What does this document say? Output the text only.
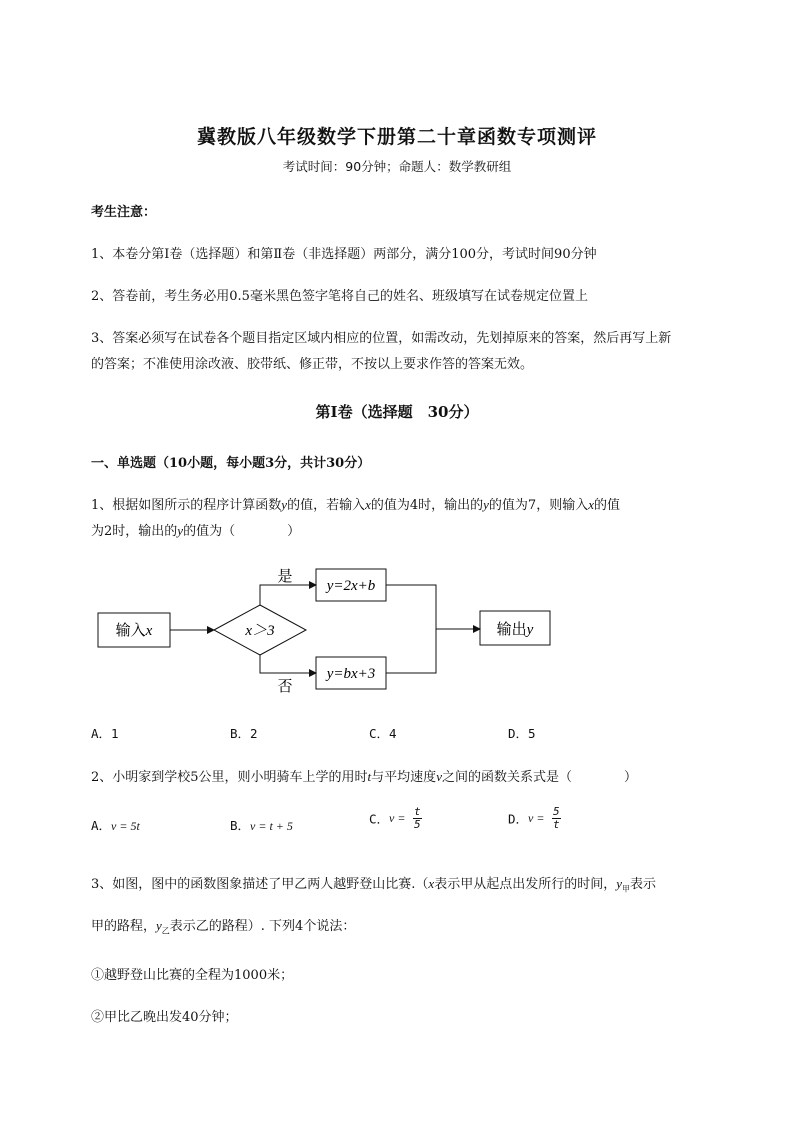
冀教版八年级数学下册第二十章函数专项测评
考试时间：90分钟；命题人：数学教研组
考生注意：
1、本卷分第I卷（选择题）和第Ⅱ卷（非选择题）两部分，满分100分，考试时间90分钟
2、答卷前，考生务必用0.5毫米黑色签字笔将自己的姓名、班级填写在试卷规定位置上
3、答案必须写在试卷各个题目指定区域内相应的位置，如需改动，先划掉原来的答案，然后再写上新
的答案；不准使用涂改液、胶带纸、修正带，不按以上要求作答的答案无效。
第I卷（选择题　30分）
一、单选题（10小题，每小题3分，共计30分）
1、根据如图所示的程序计算函数y的值，若输入x的值为4时，输出的y的值为7，则输入x的值
为2时，输出的y的值为（　　　　）
输入x	x＞3
是
y=2x+b
否
y=bx+3
输出y
A．1	B．2	C．4	D．5
2、小明家到学校5公里，则小明骑车上学的用时t与平均速度v之间的函数关系式是（　　　　）
A．v = 5t	B．v = t + 5	C．$v = \frac{t}{5}$	D．$v = \frac{5}{t}$
3、如图，图中的函数图象描述了甲乙两人越野登山比赛.（x表示甲从起点出发所行的时间，$y_甲$表示
甲的路程，$y_乙$表示乙的路程）. 下列4个说法：
①越野登山比赛的全程为1000米；
②甲比乙晚出发40分钟；
